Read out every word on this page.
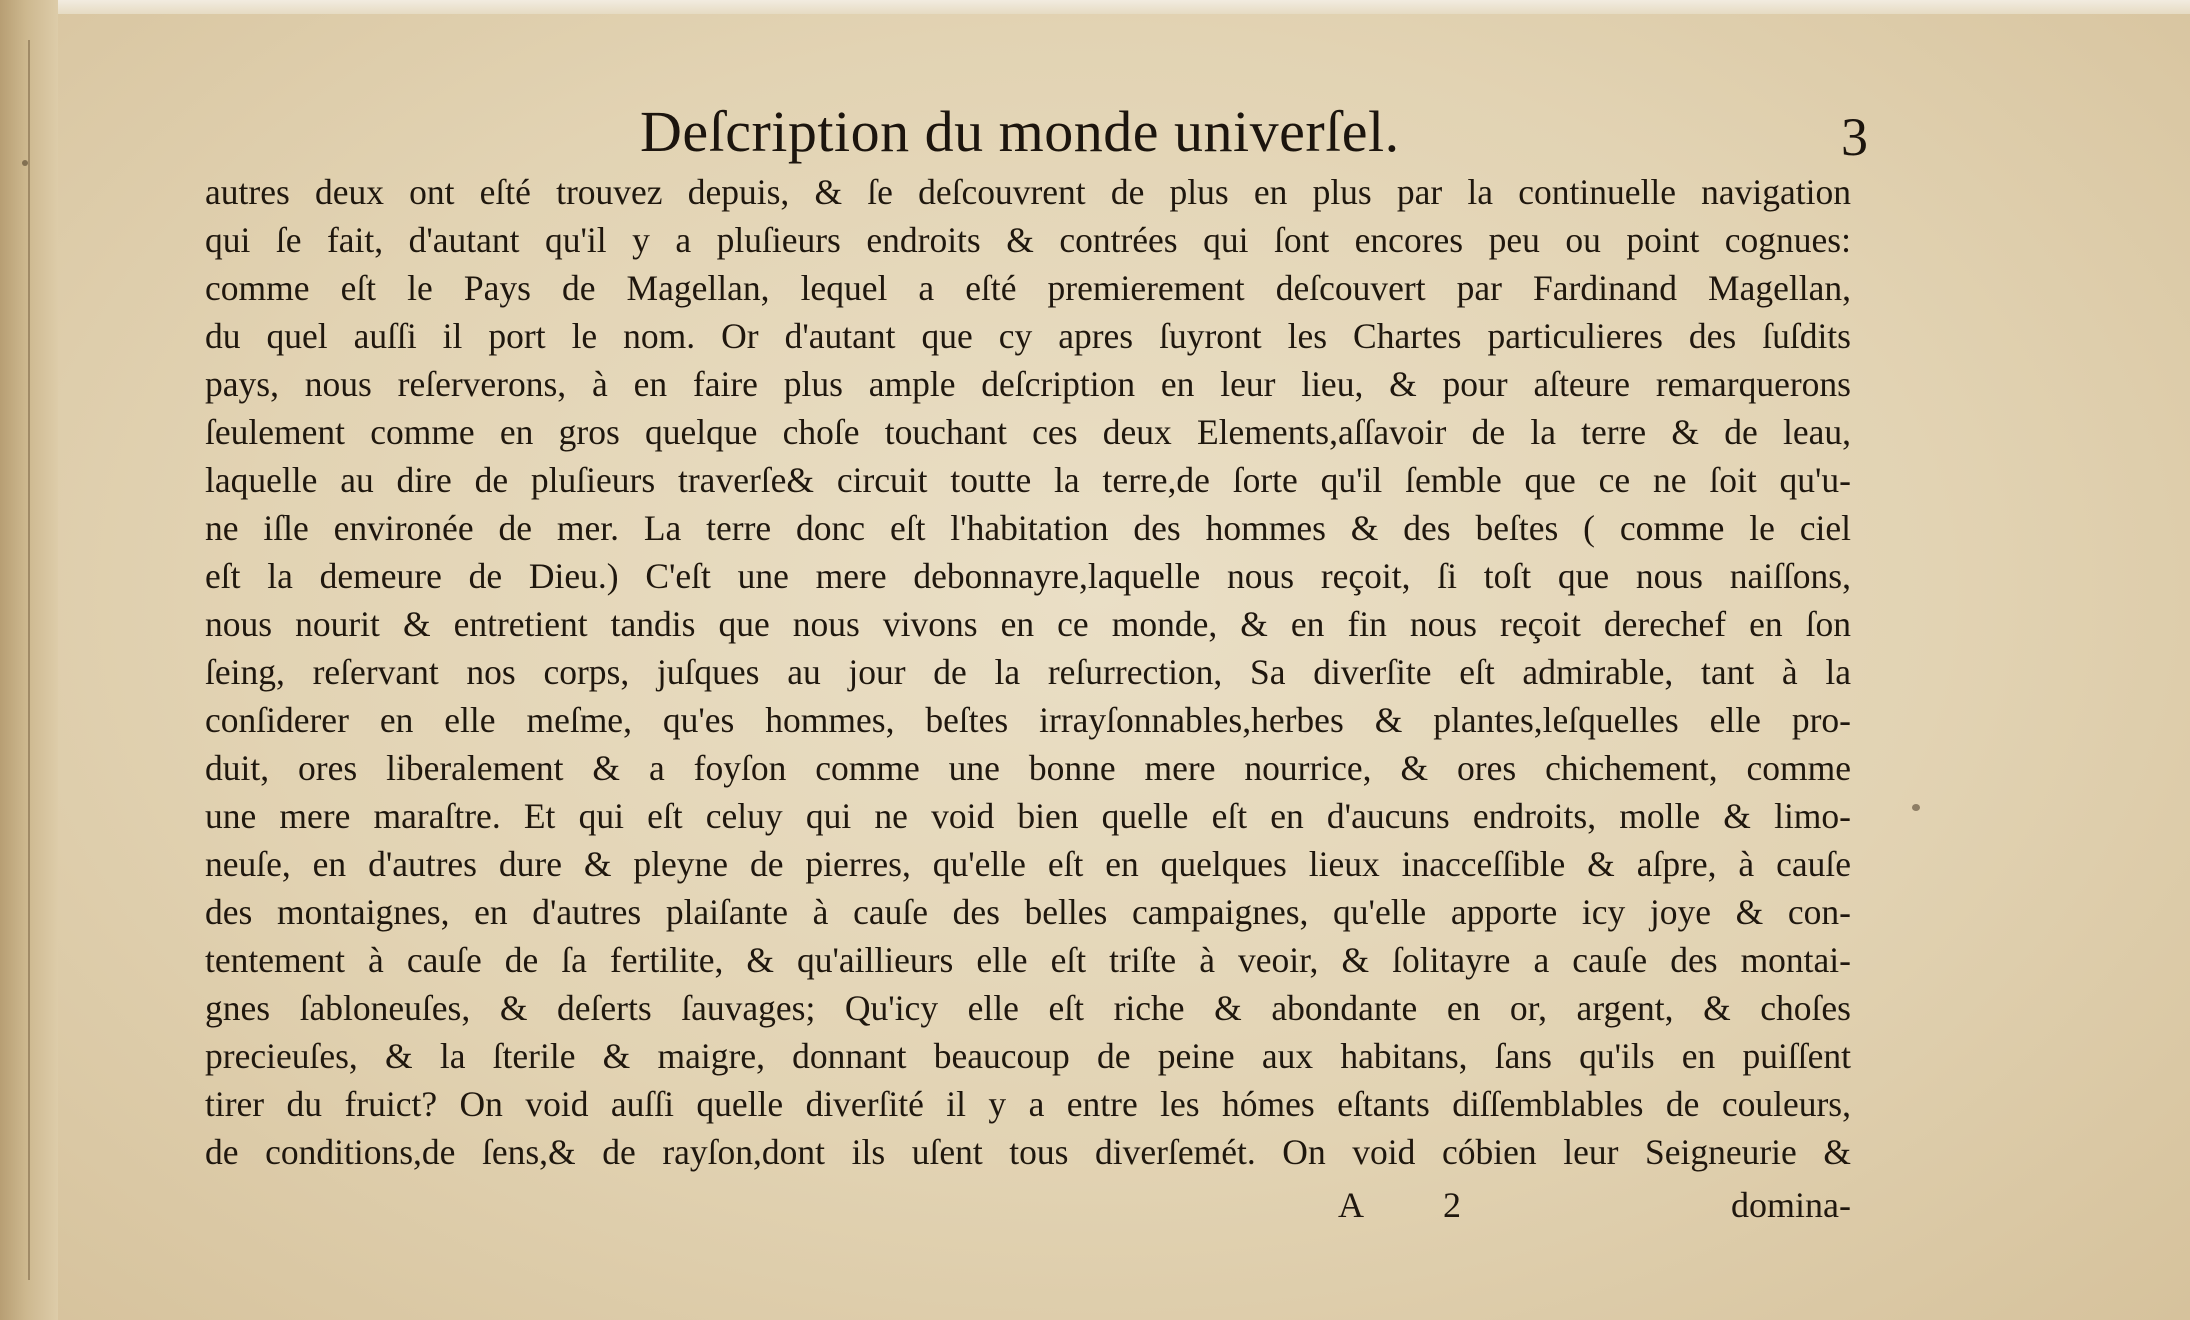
Deſcription du monde univerſel.	3
autres deux ont eſté trouvez depuis, & ſe deſcouvrent de plus en plus par la continuelle navigation
qui ſe fait, d'autant qu'il y a pluſieurs endroits & contrées qui ſont encores peu ou point cognues:
comme eſt le Pays de Magellan, lequel a eſté premierement deſcouvert par Fardinand Magellan,
du quel auſſi il port le nom. Or d'autant que cy apres ſuyront les Chartes particulieres des ſuſdits
pays, nous reſerverons, à en faire plus ample deſcription en leur lieu, & pour aſteure remarquerons
ſeulement comme en gros quelque choſe touchant ces deux Elements,aſſavoir de la terre & de leau,
laquelle au dire de pluſieurs traverſe& circuit toutte la terre,de ſorte qu'il ſemble que ce ne ſoit qu'u-
ne iſle environée de mer. La terre donc eſt l'habitation des hommes & des beſtes ( comme le ciel
eſt la demeure de Dieu.) C'eſt une mere debonnayre,laquelle nous reçoit, ſi toſt que nous naiſſons,
nous nourit & entretient tandis que nous vivons en ce monde, & en fin nous reçoit derechef en ſon
ſeing, reſervant nos corps, juſques au jour de la reſurrection, Sa diverſite eſt admirable, tant à la
conſiderer en elle meſme, qu'es hommes, beſtes irrayſonnables,herbes & plantes,leſquelles elle pro-
duit, ores liberalement & a foyſon comme une bonne mere nourrice, & ores chichement, comme
une mere maraſtre. Et qui eſt celuy qui ne void bien quelle eſt en d'aucuns endroits, molle & limo-
neuſe, en d'autres dure & pleyne de pierres, qu'elle eſt en quelques lieux inacceſſible & aſpre, à cauſe
des montaignes, en d'autres plaiſante à cauſe des belles campaignes, qu'elle apporte icy joye & con-
tentement à cauſe de ſa fertilite, & qu'aillieurs elle eſt triſte à veoir, & ſolitayre a cauſe des montai-
gnes ſabloneuſes, & deſerts ſauvages; Qu'icy elle eſt riche & abondante en or, argent, & choſes
precieuſes, & la ſterile & maigre, donnant beaucoup de peine aux habitans, ſans qu'ils en puiſſent
tirer du fruict? On void auſſi quelle diverſité il y a entre les hómes eſtants diſſemblables de couleurs,
de conditions,de ſens,& de rayſon,dont ils uſent tous diverſemét. On void cóbien leur Seigneurie &
A 2	domina-
